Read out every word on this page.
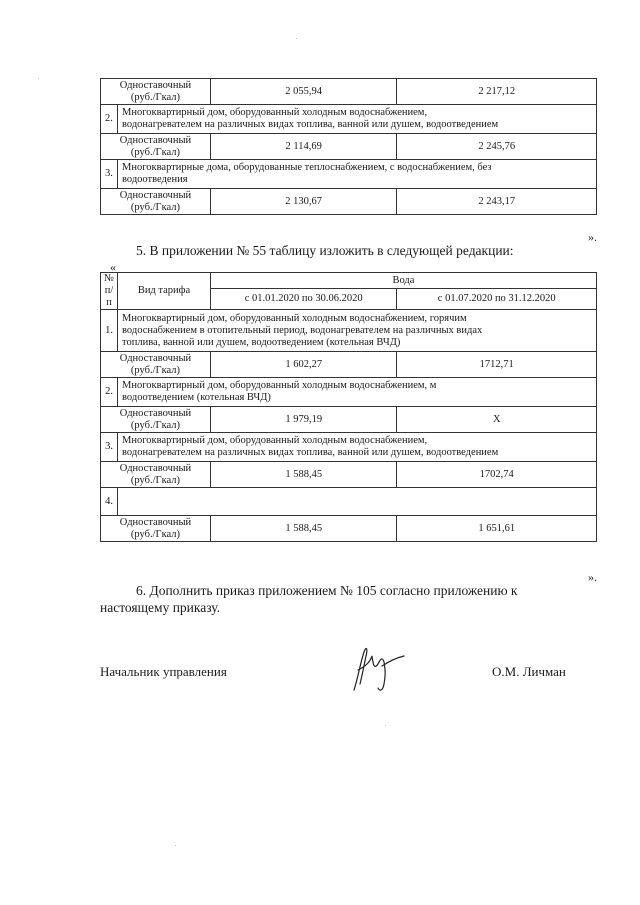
Одноставочный
(руб./Гкал)		2 055,94	2 217,12
2.	Многоквартирный дом, оборудованный холодным водоснабжением,
водонагревателем на различных видах топлива, ванной или душем, водоотведением		

Одноставочный
(руб./Гкал)		2 114,69	2 245,76
3.	Многоквартирные дома, оборудованные теплоснабжением, с водоснабжением, без
водоотведения		

Одноставочный
(руб./Гкал)		2 130,67	2 243,17
».
5. В приложении № 55 таблицу изложить в следующей редакции:
«
№
п/п	Вид тарифа	Вода	
		с 01.01.2020 по 30.06.2020	с 01.07.2020 по 31.12.2020
1.	Многоквартирный дом, оборудованный холодным водоснабжением, горячим
водоснабжением в отопительный период, водонагревателем на различных видах
топлива, ванной или душем, водоотведением (котельная ВЧД)		

Одноставочный
(руб./Гкал)		1 602,27	1712,71
2.	Многоквартирный дом, оборудованный холодным водоснабжением, м
водоотведением (котельная ВЧД)		

Одноставочный
(руб./Гкал)		1 979,19	Х
3.	Многоквартирный дом, оборудованный холодным водоснабжением,
водонагревателем на различных видах топлива, ванной или душем, водоотведением		

Одноставочный
(руб./Гкал)		1 588,45	1702,74
4.			

Одноставочный
(руб./Гкал)		1 588,45	1 651,61
».
6. Дополнить приказ приложением № 105 согласно приложению к
настоящему приказу.
Начальник управления	О.М. Личман
